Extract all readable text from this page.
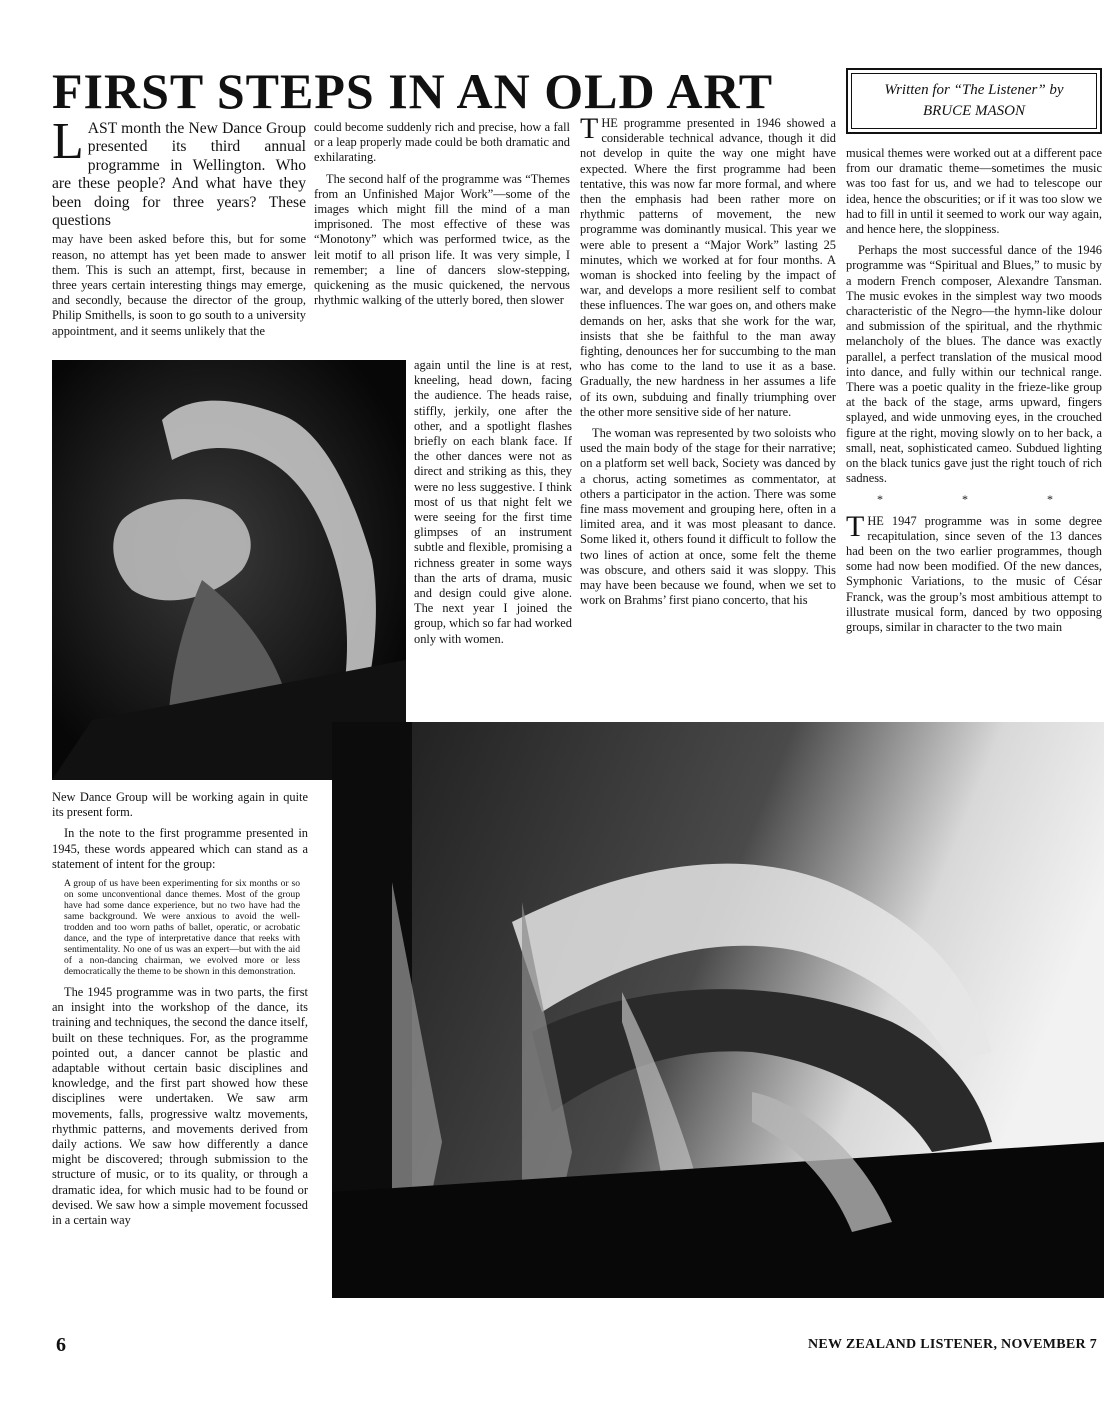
FIRST STEPS IN AN OLD ART	Written for “The Listener” by
BRUCE MASON

LAST month the New Dance Group presented its third annual programme in Wellington. Who are these people? And what have they been doing for three years? These questions

may have been asked before this, but for some reason, no attempt has yet been made to answer them. This is such an attempt, first, because in three years certain interesting things may emerge, and secondly, because the director of the group, Philip Smithells, is soon to go south to a university appointment, and it seems unlikely that the

could become suddenly rich and precise, how a fall or a leap properly made could be both dramatic and exhilarating.

The second half of the programme was “Themes from an Unfinished Major Work”—some of the images which might fill the mind of a man imprisoned. The most effective of these was “Monotony” which was performed twice, as the leit motif to all prison life. It was very simple, I remember; a line of dancers slow-stepping, quickening as the music quickened, the nervous rhythmic walking of the utterly bored, then slower

again until the line is at rest, kneeling, head down, facing the audience. The heads raise, stiffly, jerkily, one after the other, and a spotlight flashes briefly on each blank face. If the other dances were not as direct and striking as this, they were no less suggestive. I think most of us that night felt we were seeing for the first time glimpses of an instrument subtle and flexible, promising a richness greater in some ways than the arts of drama, music and design could give alone. The next year I joined the group, which so far had worked only with women.

THE programme presented in 1946 showed a considerable technical advance, though it did not develop in quite the way one might have expected. Where the first programme had been tentative, this was now far more formal, and where then the emphasis had been rather more on rhythmic patterns of movement, the new programme was dominantly musical. This year we were able to present a “Major Work” lasting 25 minutes, which we worked at for four months. A woman is shocked into feeling by the impact of war, and develops a more resilient self to combat these influences. The war goes on, and others make demands on her, asks that she work for the war, insists that she be faithful to the man away fighting, denounces her for succumbing to the man who has come to the land to use it as a base. Gradually, the new hardness in her assumes a life of its own, subduing and finally triumphing over the other more sensitive side of her nature.

The woman was represented by two soloists who used the main body of the stage for their narrative; on a platform set well back, Society was danced by a chorus, acting sometimes as commentator, at others a participator in the action. There was some fine mass movement and grouping here, often in a limited area, and it was most pleasant to dance. Some liked it, others found it difficult to follow the two lines of action at once, some felt the theme was obscure, and others said it was sloppy. This may have been because we found, when we set to work on Brahms’ first piano concerto, that his

musical themes were worked out at a different pace from our dramatic theme—sometimes the music was too fast for us, and we had to telescope our idea, hence the obscurities; or if it was too slow we had to fill in until it seemed to work our way again, and hence here, the sloppiness.

Perhaps the most successful dance of the 1946 programme was “Spiritual and Blues,” to music by a modern French composer, Alexandre Tansman. The music evokes in the simplest way two moods characteristic of the Negro—the hymn-like dolour and submission of the spiritual, and the rhythmic melancholy of the blues. The dance was exactly parallel, a perfect translation of the musical mood into dance, and fully within our technical range. There was a poetic quality in the frieze-like group at the back of the stage, arms upward, fingers splayed, and wide unmoving eyes, in the crouched figure at the right, moving slowly on to her back, a small, neat, sophisticated cameo. Subdued lighting on the black tunics gave just the right touch of rich sadness.

* * *

THE 1947 programme was in some degree recapitulation, since seven of the 13 dances had been on the two earlier programmes, though some had now been modified. Of the new dances, Symphonic Variations, to the music of César Franck, was the group’s most ambitious attempt to illustrate musical form, danced by two opposing groups, similar in character to the two main

New Dance Group will be working again in quite its present form.

In the note to the first programme presented in 1945, these words appeared which can stand as a statement of intent for the group:

A group of us have been experimenting for six months or so on some unconventional dance themes. Most of the group have had some dance experience, but no two have had the same background. We were anxious to avoid the well-trodden and too worn paths of ballet, operatic, or acrobatic dance, and the type of interpretative dance that reeks with sentimentality. No one of us was an expert—but with the aid of a non-dancing chairman, we evolved more or less democratically the theme to be shown in this demonstration.

The 1945 programme was in two parts, the first an insight into the workshop of the dance, its training and techniques, the second the dance itself, built on these techniques. For, as the programme pointed out, a dancer cannot be plastic and adaptable without certain basic disciplines and knowledge, and the first part showed how these disciplines were undertaken. We saw arm movements, falls, progressive waltz movements, rhythmic patterns, and movements derived from daily actions. We saw how differently a dance might be discovered; through submission to the structure of music, or to its quality, or through a dramatic idea, for which music had to be found or devised. We saw how a simple movement focussed in a certain way

6	NEW ZEALAND LISTENER, NOVEMBER 7
